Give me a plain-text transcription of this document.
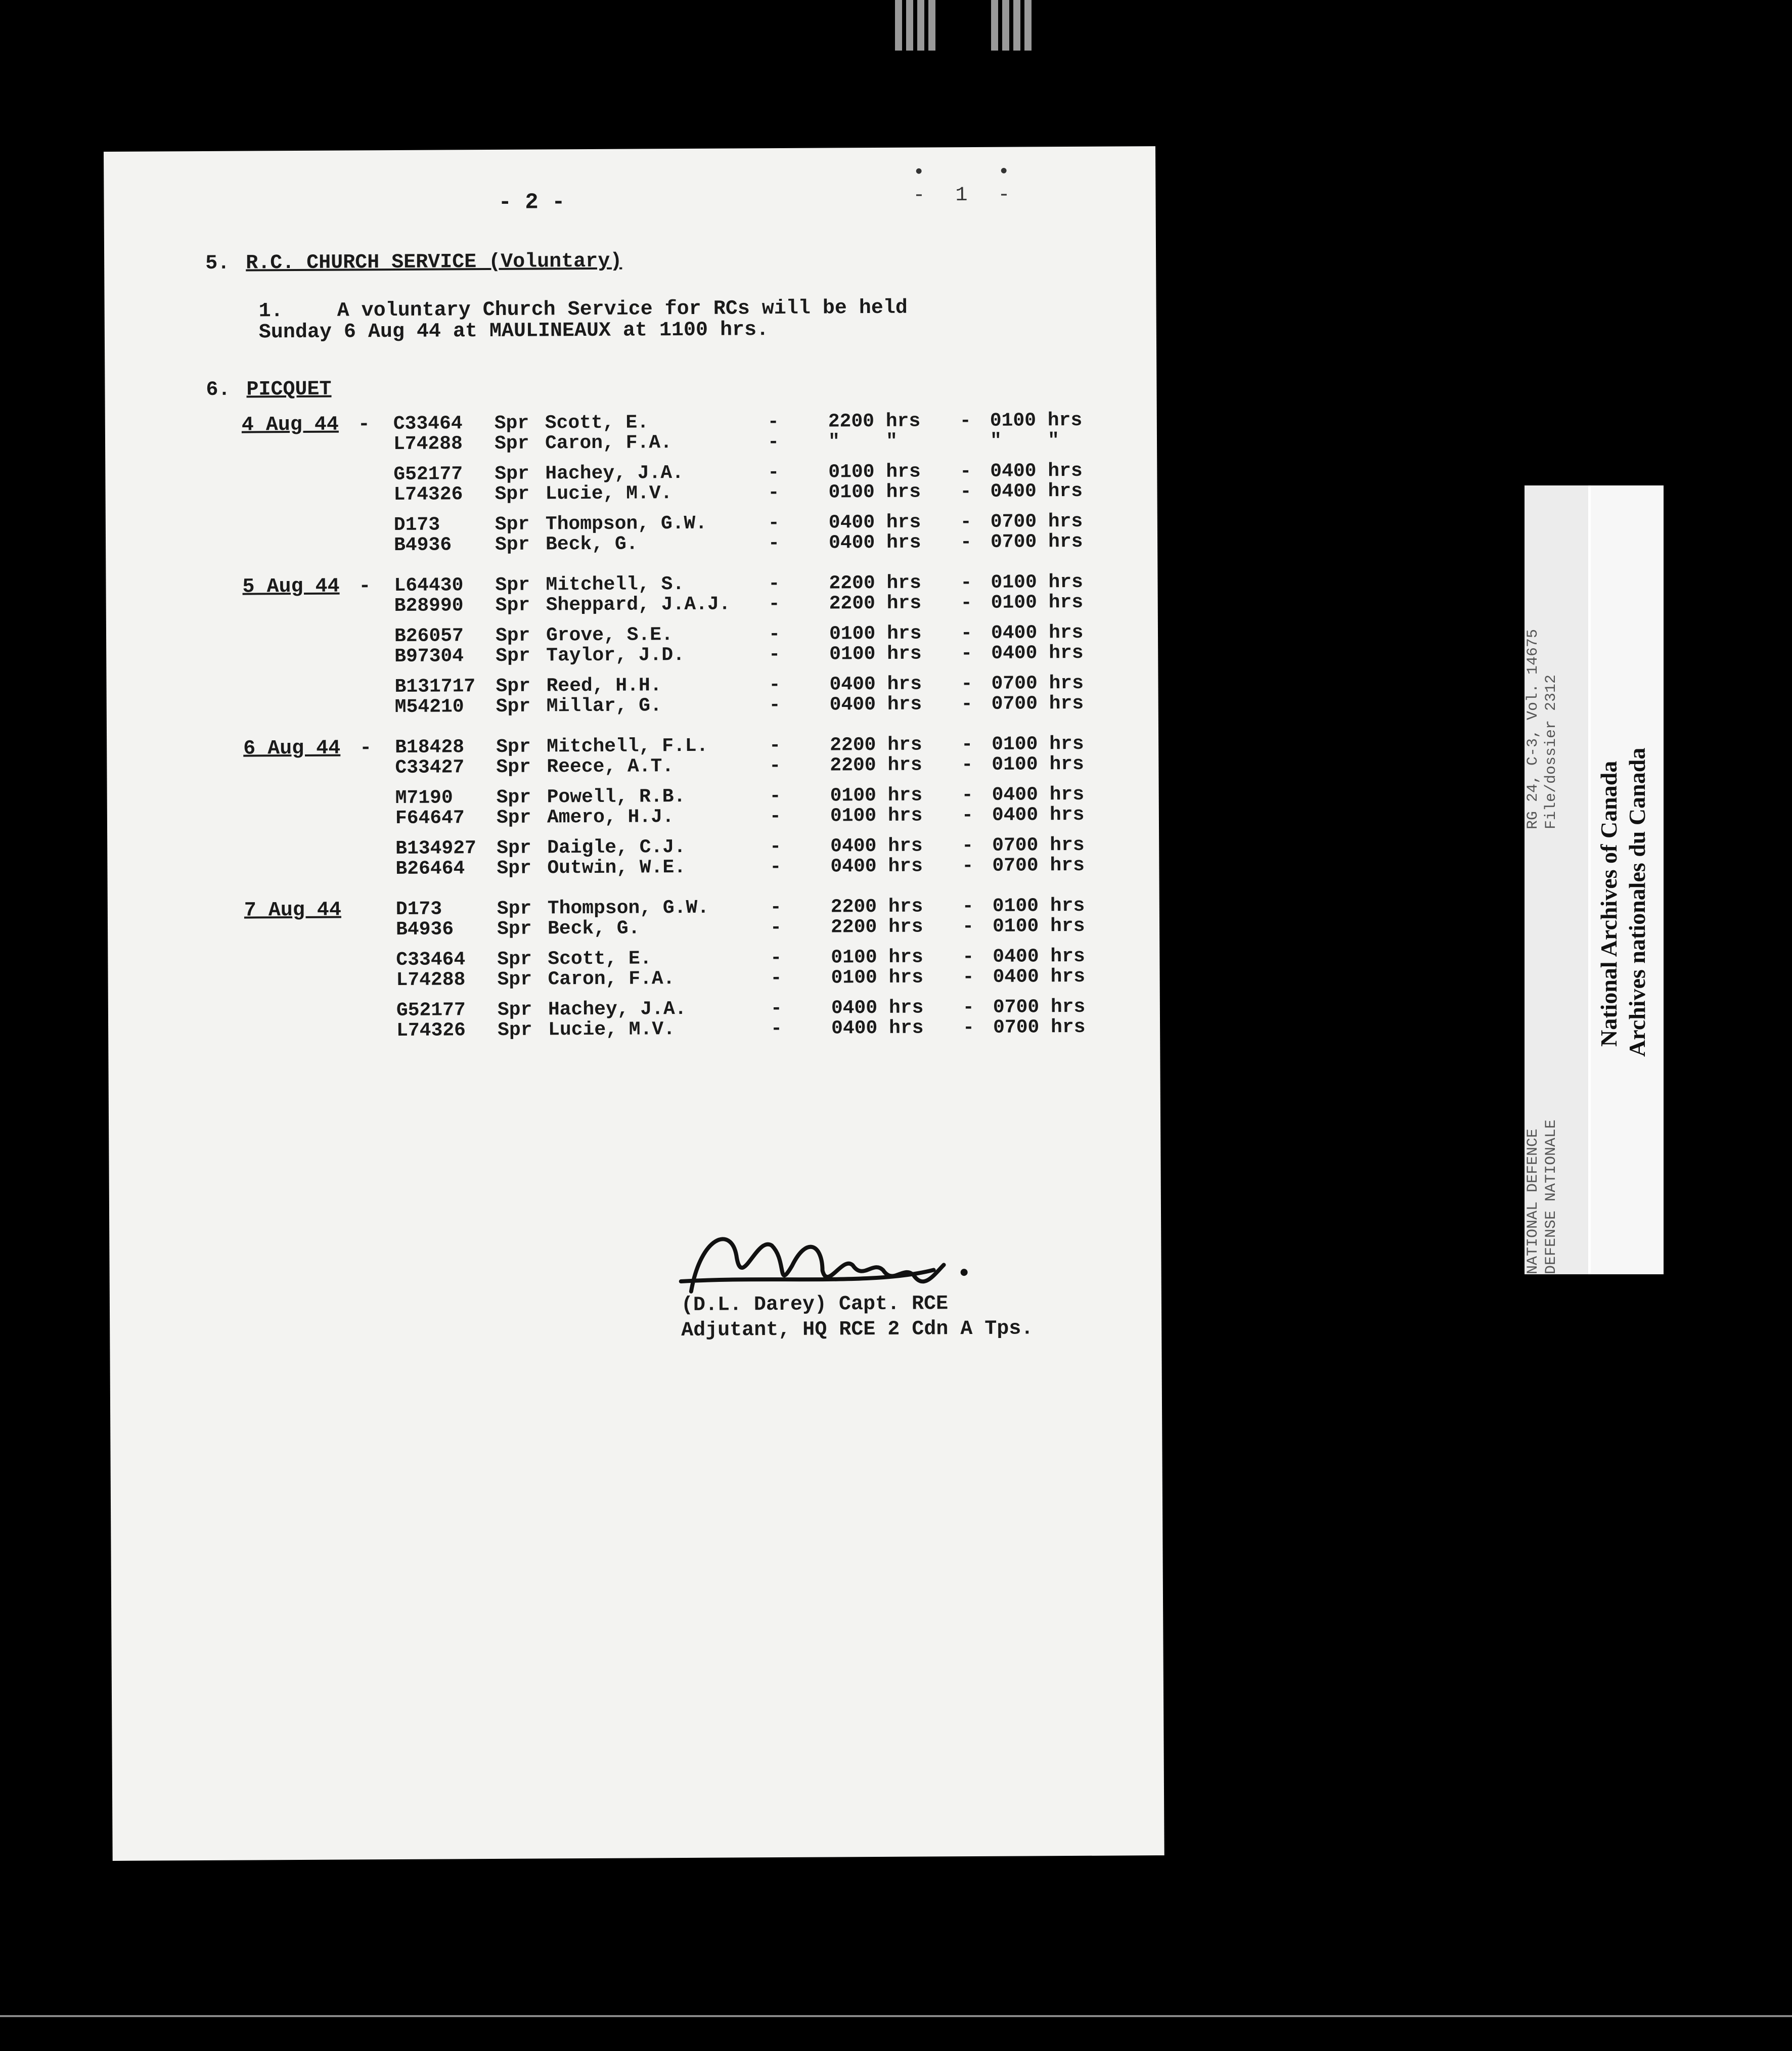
• • -1-
- 2 -
5. R.C. CHURCH SERVICE (Voluntary)
1.	A voluntary Church Service for RCs will be held
Sunday 6 Aug 44 at MAULINEAUX at 1100 hrs.
6. PICQUET
4 Aug 44 - C33464 Spr Scott, E.	-	2200 hrs - 0100 hrs
L74288 Spr Caron, F.A.	-	"    "	"    "
G52177 Spr Hachey, J.A.	-	0100 hrs - 0400 hrs
L74326 Spr Lucie, M.V.	-	0100 hrs - 0400 hrs
D173	Spr Thompson, G.W.	-	0400 hrs - 0700 hrs
B4936 Spr Beck, G.	-	0400 hrs - 0700 hrs
5 Aug 44 - L64430 Spr Mitchell, S.	-	2200 hrs - 0100 hrs
B28990 Spr Sheppard, J.A.J. -	2200 hrs - 0100 hrs
B26057 Spr Grove, S.E.	-	0100 hrs - 0400 hrs
B97304 Spr Taylor, J.D.	-	0100 hrs - 0400 hrs
B131717 Spr Reed, H.H.	-	0400 hrs - 0700 hrs
M54210 Spr Millar, G.	-	0400 hrs - 0700 hrs
6 Aug 44 - B18428 Spr Mitchell, F.L.	-	2200 hrs - 0100 hrs
C33427 Spr Reece, A.T.	-	2200 hrs - 0100 hrs
M7190 Spr Powell, R.B.	-	0100 hrs - 0400 hrs
F64647 Spr Amero, H.J.	-	0100 hrs - 0400 hrs
B134927 Spr Daigle, C.J.	-	0400 hrs - 0700 hrs
B26464 Spr Outwin, W.E.	-	0400 hrs - 0700 hrs
7 Aug 44	D173	Spr Thompson, G.W.	-	2200 hrs - 0100 hrs
B4936 Spr Beck, G.	-	2200 hrs - 0100 hrs
C33464 Spr Scott, E.	-	0100 hrs - 0400 hrs
L74288 Spr Caron, F.A.	-	0100 hrs - 0400 hrs
G52177 Spr Hachey, J.A.	-	0400 hrs - 0700 hrs
L74326 Spr Lucie, M.V.	-	0400 hrs - 0700 hrs
(D.L. Darey) Capt. RCE
Adjutant, HQ RCE 2 Cdn A Tps.
RG 24, C-3, Vol. 14675 File/dossier 2312
NATIONAL DEFENCE DEFENSE NATIONALE
National Archives of Canada Archives nationales du Canada
